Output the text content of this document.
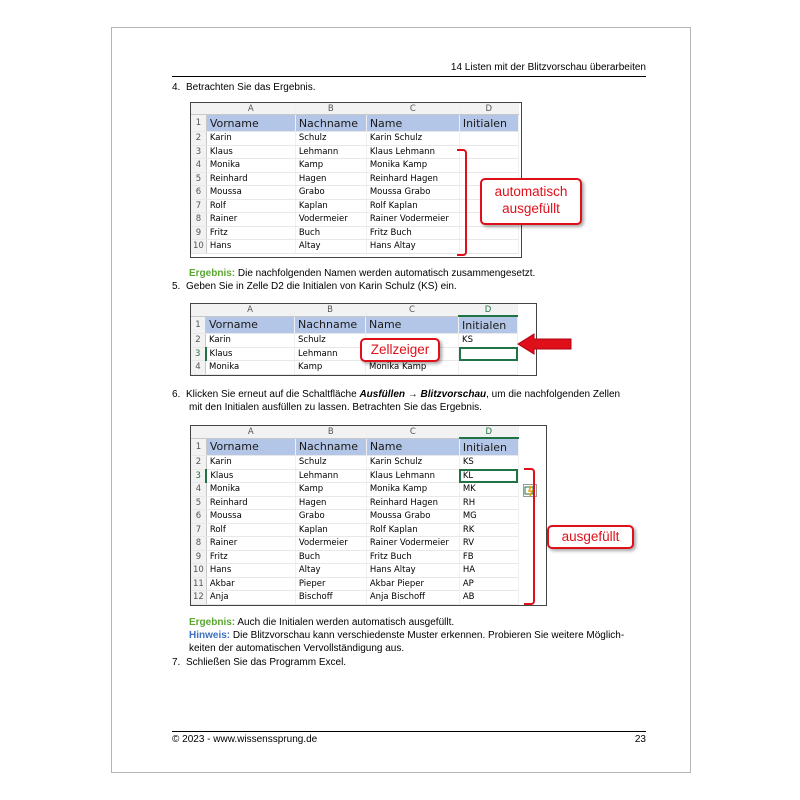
14 Listen mit der Blitzvorschau überarbeiten
4. Betrachten Sie das Ergebnis.
	A	B	C	D
1	Vorname	Nachname	Name	Initialen
2	Karin	Schulz	Karin Schulz	
3	Klaus	Lehmann	Klaus Lehmann	
4	Monika	Kamp	Monika Kamp	
5	Reinhard	Hagen	Reinhard Hagen	
6	Moussa	Grabo	Moussa Grabo	
7	Rolf	Kaplan	Rolf Kaplan	
8	Rainer	Vodermeier	Rainer Vodermeier	
9	Fritz	Buch	Fritz Buch	
10	Hans	Altay	Hans Altay	
automatisch
ausgefüllt
Ergebnis: Die nachfolgenden Namen werden automatisch zusammengesetzt.
5. Geben Sie in Zelle D2 die Initialen von Karin Schulz (KS) ein.
	A	B	C	D
1	Vorname	Nachname	Name	Initialen
2	Karin	Schulz		KS
3	Klaus	Lehmann		
4	Monika	Kamp	Monika Kamp	
Zellzeiger
6. Klicken Sie erneut auf die Schaltfläche Ausfüllen → Blitzvorschau, um die nachfolgenden Zellen
mit den Initialen ausfüllen zu lassen. Betrachten Sie das Ergebnis.
	A	B	C	D
1	Vorname	Nachname	Name	Initialen
2	Karin	Schulz	Karin Schulz	KS
3	Klaus	Lehmann	Klaus Lehmann	KL
4	Monika	Kamp	Monika Kamp	MK
5	Reinhard	Hagen	Reinhard Hagen	RH
6	Moussa	Grabo	Moussa Grabo	MG
7	Rolf	Kaplan	Rolf Kaplan	RK
8	Rainer	Vodermeier	Rainer Vodermeier	RV
9	Fritz	Buch	Fritz Buch	FB
10	Hans	Altay	Hans Altay	HA
11	Akbar	Pieper	Akbar Pieper	AP
12	Anja	Bischoff	Anja Bischoff	AB
ausgefüllt
Ergebnis: Auch die Initialen werden automatisch ausgefüllt.
Hinweis: Die Blitzvorschau kann verschiedenste Muster erkennen. Probieren Sie weitere Möglich-
keiten der automatischen Vervollständigung aus.
7. Schließen Sie das Programm Excel.
© 2023 - www.wissenssprung.de	23
